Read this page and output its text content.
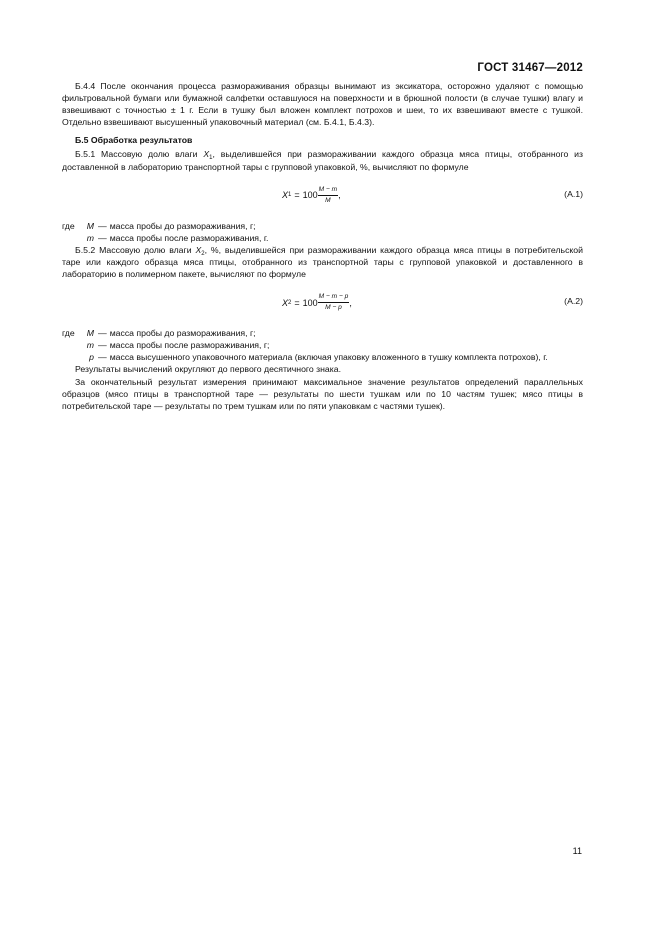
ГОСТ 31467—2012

Б.4.4 После окончания процесса размораживания образцы вынимают из эксикатора, осторожно удаляют с помощью фильтровальной бумаги или бумажной салфетки оставшуюся на поверхности и в брюшной полости (в случае тушки) влагу и взвешивают с точностью ± 1 г. Если в тушку был вложен комплект потрохов и шеи, то их взвешивают вместе с тушкой. Отдельно взвешивают высушенный упаковочный материал (см. Б.4.1, Б.4.3).

Б.5 Обработка результатов

Б.5.1 Массовую долю влаги $X_1$, выделившейся при размораживании каждого образца мяса птицы, отобранного из доставленной в лабораторию транспортной тары с групповой упаковкой, %, вычисляют по формуле

X $1 = 100 \frac{M - m}{M}$ ,	(А.1)
где	M — масса пробы до размораживания, г;
m — масса пробы после размораживания, г.

Б.5.2 Массовую долю влаги $X_2$, %, выделившейся при размораживании каждого образца мяса птицы в потребительской таре или каждого образца мяса птицы, отобранного из транспортной тары с групповой упаковкой и доставленного в лабораторию в полимерном пакете, вычисляют по формуле

X $2 = 100 \frac{M - m - p}{M - p}$ ,	(А.2)
где	M — масса пробы до размораживания, г;
m — масса пробы после размораживания, г;
p — масса высушенного упаковочного материала (включая упаковку вложенного в тушку комплекта потрохов), г.

Результаты вычислений округляют до первого десятичного знака.

За окончательный результат измерения принимают максимальное значение результатов определений параллельных образцов (мясо птицы в транспортной таре — результаты по шести тушкам или по 10 частям тушек; мясо птицы в потребительской таре — результаты по трем тушкам или по пяти упаковкам с частями тушек).

11
